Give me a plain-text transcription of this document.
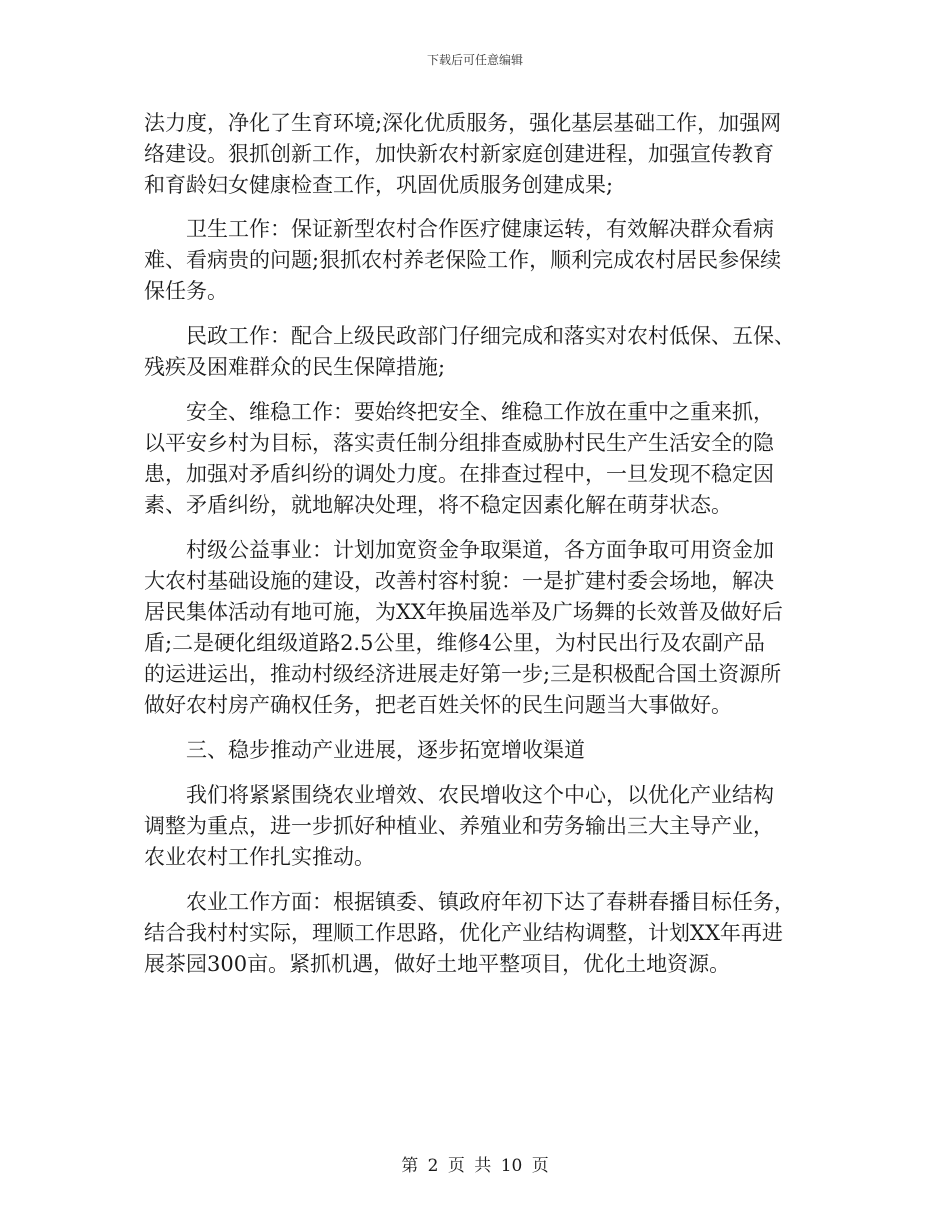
下载后可任意编辑
法力度，净化了生育环境;深化优质服务，强化基层基础工作，加强网
络建设。狠抓创新工作，加快新农村新家庭创建进程，加强宣传教育
和育龄妇女健康检查工作，巩固优质服务创建成果;
卫生工作：保证新型农村合作医疗健康运转，有效解决群众看病
难、看病贵的问题;狠抓农村养老保险工作，顺利完成农村居民参保续
保任务。
民政工作：配合上级民政部门仔细完成和落实对农村低保、五保、
残疾及困难群众的民生保障措施;
安全、维稳工作：要始终把安全、维稳工作放在重中之重来抓，
以平安乡村为目标，落实责任制分组排查威胁村民生产生活安全的隐
患，加强对矛盾纠纷的调处力度。在排查过程中，一旦发现不稳定因
素、矛盾纠纷，就地解决处理，将不稳定因素化解在萌芽状态。
村级公益事业：计划加宽资金争取渠道，各方面争取可用资金加
大农村基础设施的建设，改善村容村貌：一是扩建村委会场地，解决
居民集体活动有地可施，为XX年换届选举及广场舞的长效普及做好后
盾;二是硬化组级道路2.5公里，维修4公里，为村民出行及农副产品
的运进运出，推动村级经济进展走好第一步;三是积极配合国土资源所
做好农村房产确权任务，把老百姓关怀的民生问题当大事做好。
三、稳步推动产业进展，逐步拓宽增收渠道
我们将紧紧围绕农业增效、农民增收这个中心，以优化产业结构
调整为重点，进一步抓好种植业、养殖业和劳务输出三大主导产业，
农业农村工作扎实推动。
农业工作方面：根据镇委、镇政府年初下达了春耕春播目标任务，
结合我村村实际，理顺工作思路，优化产业结构调整，计划XX年再进
展茶园300亩。紧抓机遇，做好土地平整项目，优化土地资源。
第 2 页 共 10 页
